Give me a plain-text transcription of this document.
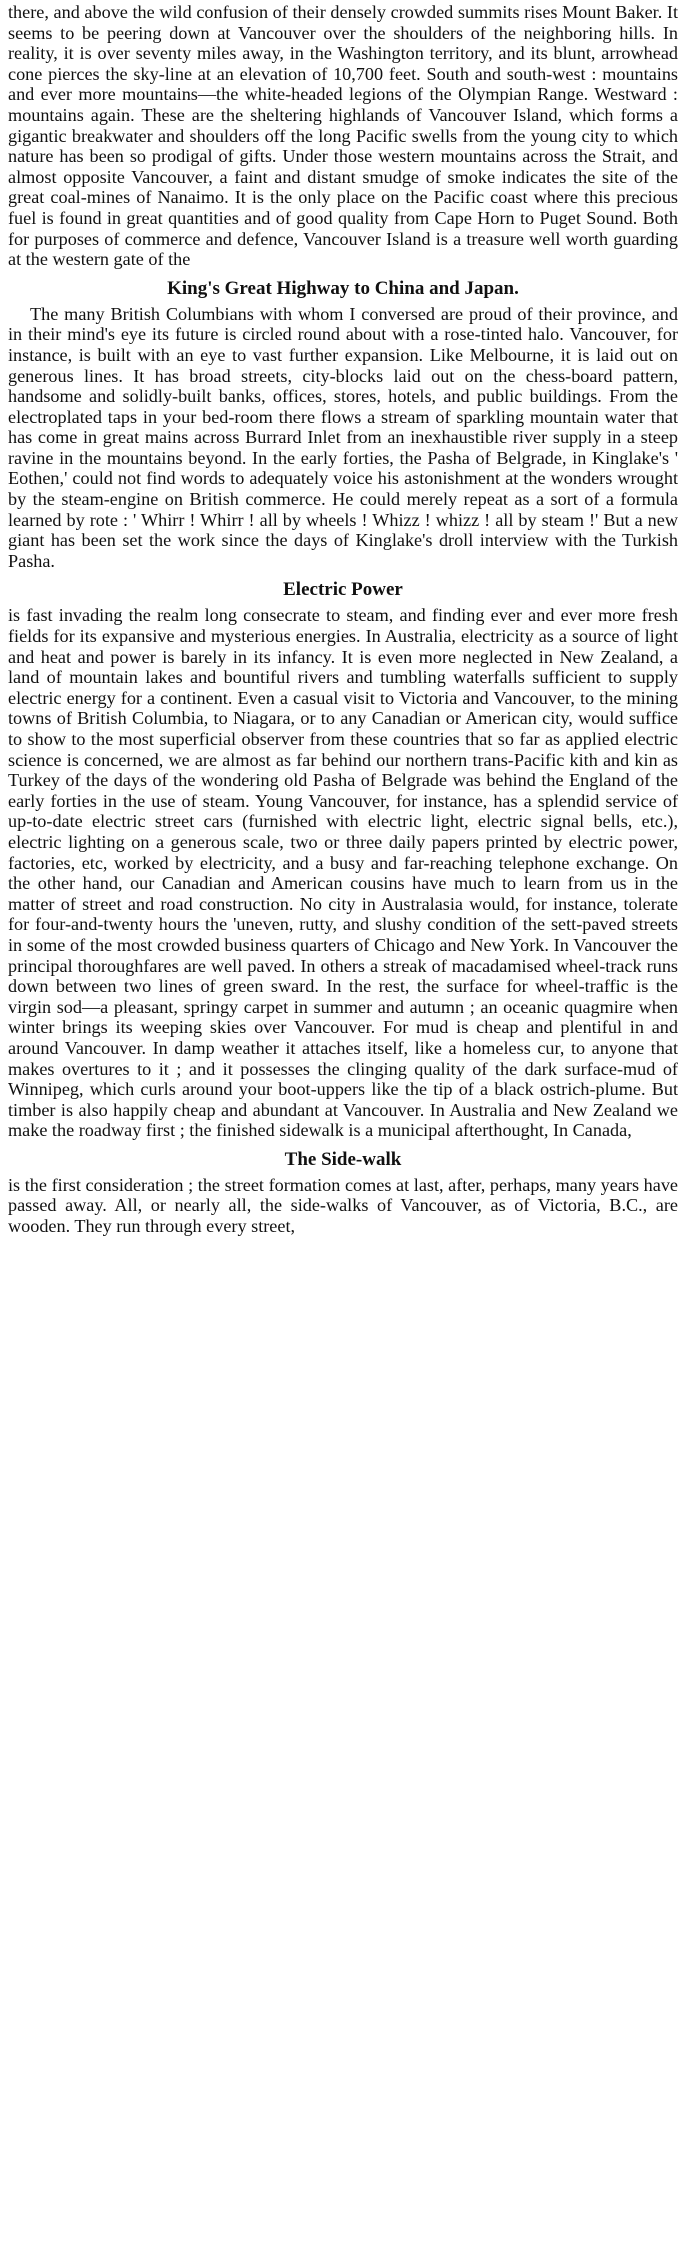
there, and above the wild confusion of their densely crowded summits rises Mount Baker. It seems to be peering down at Vancouver over the shoulders of the neighboring hills. In reality, it is over seventy miles away, in the Washington territory, and its blunt, arrowhead cone pierces the sky-line at an elevation of 10,700 feet. South and south-west : mountains and ever more mountains—the white-headed legions of the Olympian Range. Westward : mountains again. These are the sheltering highlands of Vancouver Island, which forms a gigantic breakwater and shoulders off the long Pacific swells from the young city to which nature has been so prodigal of gifts. Under those western mountains across the Strait, and almost opposite Vancouver, a faint and distant smudge of smoke indicates the site of the great coal-mines of Nanaimo. It is the only place on the Pacific coast where this precious fuel is found in great quantities and of good quality from Cape Horn to Puget Sound. Both for purposes of commerce and defence, Vancouver Island is a treasure well worth guarding at the western gate of the

King's Great Highway to China and Japan.

The many British Columbians with whom I conversed are proud of their province, and in their mind's eye its future is circled round about with a rose-tinted halo. Vancouver, for instance, is built with an eye to vast further expansion. Like Melbourne, it is laid out on generous lines. It has broad streets, city-blocks laid out on the chess-board pattern, handsome and solidly-built banks, offices, stores, hotels, and public buildings. From the electroplated taps in your bed-room there flows a stream of sparkling mountain water that has come in great mains across Burrard Inlet from an inexhaustible river supply in a steep ravine in the mountains beyond. In the early forties, the Pasha of Belgrade, in Kinglake's ' Eothen,' could not find words to adequately voice his astonishment at the wonders wrought by the steam-engine on British commerce. He could merely repeat as a sort of a formula learned by rote : ' Whirr ! Whirr ! all by wheels ! Whizz ! whizz ! all by steam !' But a new giant has been set the work since the days of Kinglake's droll interview with the Turkish Pasha.

Electric Power

is fast invading the realm long consecrate to steam, and finding ever and ever more fresh fields for its expansive and mysterious energies. In Australia, electricity as a source of light and heat and power is barely in its infancy. It is even more neglected in New Zealand, a land of mountain lakes and bountiful rivers and tumbling waterfalls sufficient to supply electric energy for a continent. Even a casual visit to Victoria and Vancouver, to the mining towns of British Columbia, to Niagara, or to any Canadian or American city, would suffice to show to the most superficial observer from these countries that so far as applied electric science is concerned, we are almost as far behind our northern trans-Pacific kith and kin as Turkey of the days of the wondering old Pasha of Belgrade was behind the England of the early forties in the use of steam. Young Vancouver, for instance, has a splendid service of up-to-date electric street cars (furnished with electric light, electric signal bells, etc.), electric lighting on a generous scale, two or three daily papers printed by electric power, factories, etc, worked by electricity, and a busy and far-reaching telephone exchange. On the other hand, our Canadian and American cousins have much to learn from us in the matter of street and road construction. No city in Australasia would, for instance, tolerate for four-and-twenty hours the 'uneven, rutty, and slushy condition of the sett-paved streets in some of the most crowded business quarters of Chicago and New York. In Vancouver the principal thoroughfares are well paved. In others a streak of macadamised wheel-track runs down between two lines of green sward. In the rest, the surface for wheel-traffic is the virgin sod—a pleasant, springy carpet in summer and autumn ; an oceanic quagmire when winter brings its weeping skies over Vancouver. For mud is cheap and plentiful in and around Vancouver. In damp weather it attaches itself, like a homeless cur, to anyone that makes overtures to it ; and it possesses the clinging quality of the dark surface-mud of Winnipeg, which curls around your boot-uppers like the tip of a black ostrich-plume. But timber is also happily cheap and abundant at Vancouver. In Australia and New Zealand we make the roadway first ; the finished sidewalk is a municipal afterthought, In Canada,

The Side-walk

is the first consideration ; the street formation comes at last, after, perhaps, many years have passed away. All, or nearly all, the side-walks of Vancouver, as of Victoria, B.C., are wooden. They run through every street,
